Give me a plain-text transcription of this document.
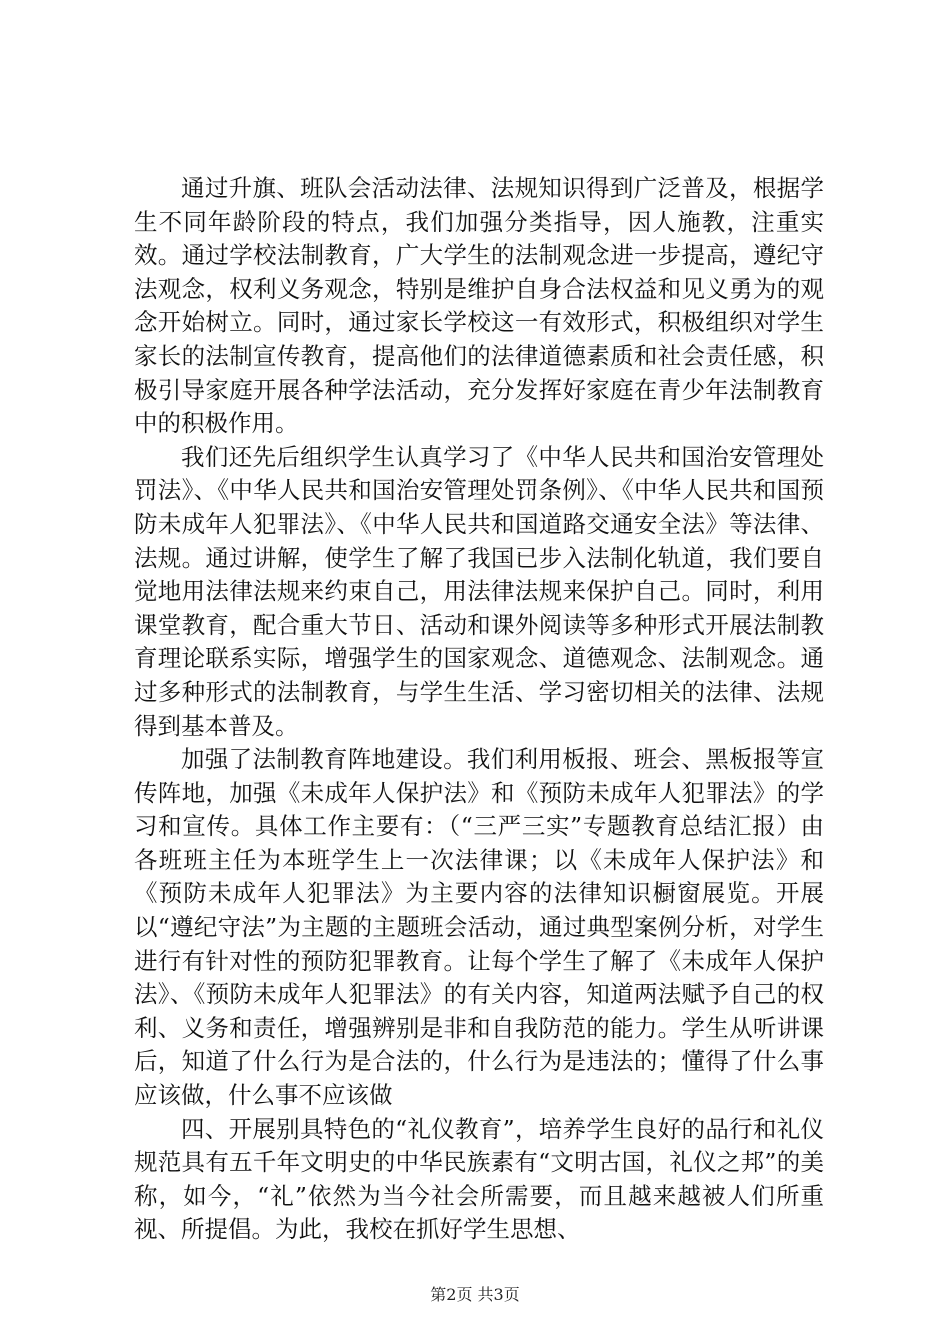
通过升旗、班队会活动法律、法规知识得到广泛普及，根据学生不同年龄阶段的特点，我们加强分类指导，因人施教，注重实效。通过学校法制教育，广大学生的法制观念进一步提高，遵纪守法观念，权利义务观念，特别是维护自身合法权益和见义勇为的观念开始树立。同时，通过家长学校这一有效形式，积极组织对学生家长的法制宣传教育，提高他们的法律道德素质和社会责任感，积极引导家庭开展各种学法活动，充分发挥好家庭在青少年法制教育中的积极作用。

我们还先后组织学生认真学习了《中华人民共和国治安管理处罚法》、《中华人民共和国治安管理处罚条例》、《中华人民共和国预防未成年人犯罪法》、《中华人民共和国道路交通安全法》等法律、法规。通过讲解，使学生了解了我国已步入法制化轨道，我们要自觉地用法律法规来约束自己，用法律法规来保护自己。同时，利用课堂教育，配合重大节日、活动和课外阅读等多种形式开展法制教育理论联系实际，增强学生的国家观念、道德观念、法制观念。通过多种形式的法制教育，与学生生活、学习密切相关的法律、法规得到基本普及。

加强了法制教育阵地建设。我们利用板报、班会、黑板报等宣传阵地，加强《未成年人保护法》和《预防未成年人犯罪法》的学习和宣传。具体工作主要有：（“三严三实”专题教育总结汇报）由各班班主任为本班学生上一次法律课；以《未成年人保护法》和《预防未成年人犯罪法》为主要内容的法律知识橱窗展览。开展以“遵纪守法”为主题的主题班会活动，通过典型案例分析，对学生进行有针对性的预防犯罪教育。让每个学生了解了《未成年人保护法》、《预防未成年人犯罪法》的有关内容，知道两法赋予自己的权利、义务和责任，增强辨别是非和自我防范的能力。学生从听讲课后，知道了什么行为是合法的，什么行为是违法的；懂得了什么事应该做，什么事不应该做

四、开展别具特色的“礼仪教育”，培养学生良好的品行和礼仪规范具有五千年文明史的中华民族素有“文明古国，礼仪之邦”的美称，如今，“礼”依然为当今社会所需要，而且越来越被人们所重视、所提倡。为此，我校在抓好学生思想、

第2页 共3页
